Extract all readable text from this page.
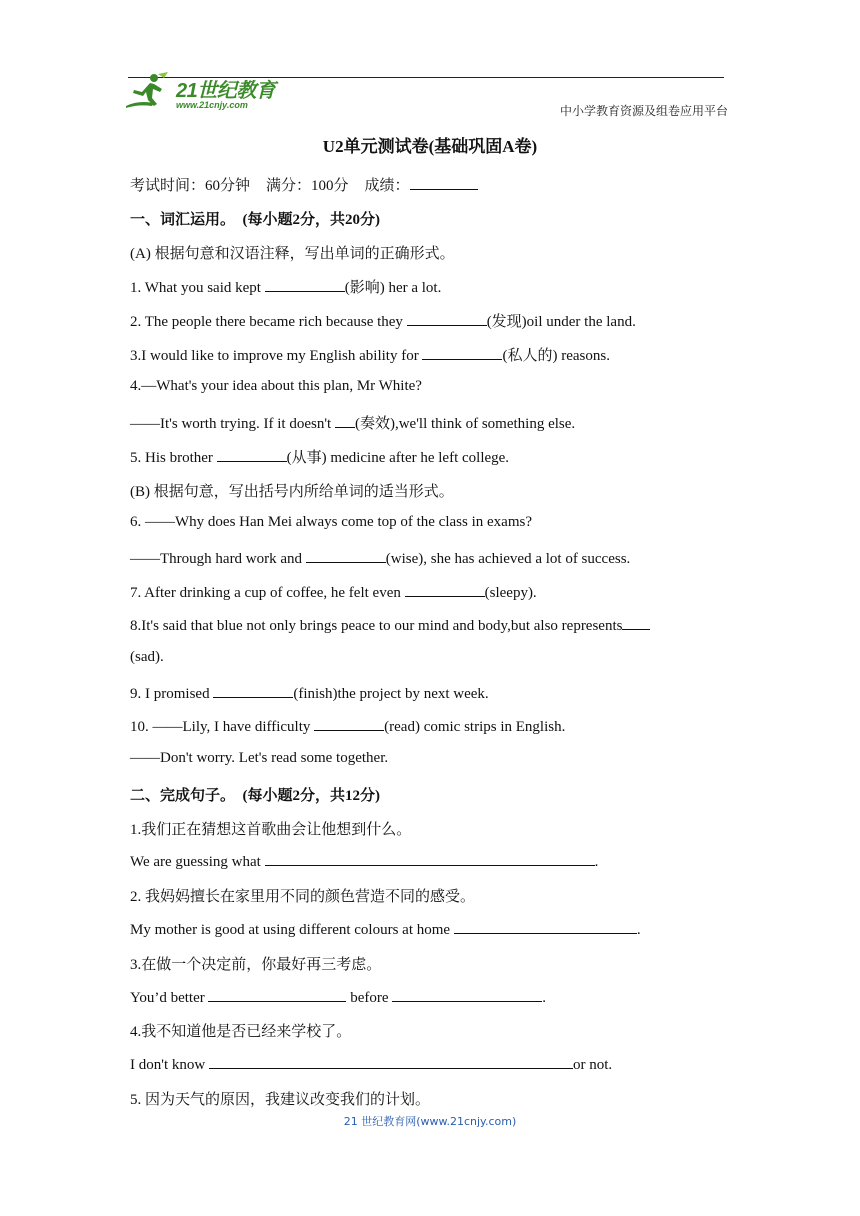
21世纪教育
www.21cnjy.com	中小学教育资源及组卷应用平台
U2单元测试卷(基础巩固A卷)
考试时间：60分钟 满分：100分 成绩：
一、词汇运用。 (每小题2分，共20分)
(A) 根据句意和汉语注释，写出单词的正确形式。
1. What you said kept	(影响) her a lot.
2. The people there became rich because they	(发现)oil under the land.
3.I would like to improve my English ability for	(私人的) reasons.
4.—What's your idea about this plan, Mr White?
——It's worth trying. If it doesn't (奏效),we'll think of something else.
5. His brother	(从事) medicine after he left college.
(B) 根据句意，写出括号内所给单词的适当形式。
6. ——Why does Han Mei always come top of the class in exams?
——Through hard work and	(wise), she has achieved a lot of success.
7. After drinking a cup of coffee, he felt even	(sleepy).
8.It's said that blue not only brings peace to our mind and body,but also represents
(sad).
9. I promised	(finish)the project by next week.
10. ——Lily, I have difficulty	(read) comic strips in English.
——Don't worry. Let's read some together.
二、完成句子。 (每小题2分，共12分)
1.我们正在猜想这首歌曲会让他想到什么。
We are guessing what	.
2. 我妈妈擅长在家里用不同的颜色营造不同的感受。
My mother is good at using different colours at home	.
3.在做一个决定前，你最好再三考虑。
You’d better	before	.
4.我不知道他是否已经来学校了。
I don't know	or not.
5. 因为天气的原因，我建议改变我们的计划。
21 世纪教育网(www.21cnjy.com)
